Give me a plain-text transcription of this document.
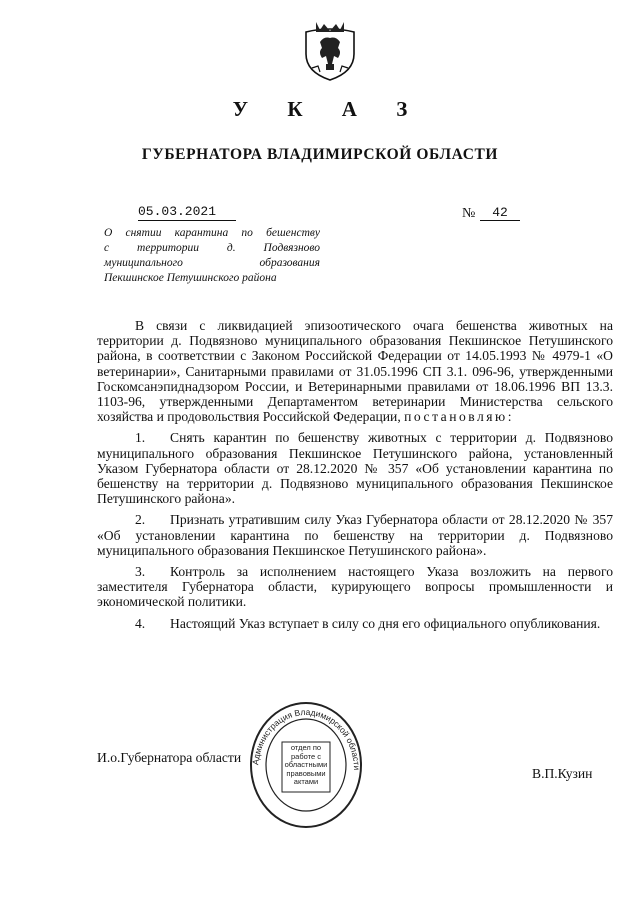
У К А З
ГУБЕРНАТОРА ВЛАДИМИРСКОЙ ОБЛАСТИ
05.03.2021	№	42
О снятии карантина по бешенству
с территории д. Подвязново
муниципального образования
Пекшинское Петушинского района

В связи с ликвидацией эпизоотического очага бешенства животных на территории д. Подвязново муниципального образования Пекшинское Петушинского района, в соответствии с Законом Российской Федерации от 14.05.1993 № 4979-1 «О ветеринарии», Санитарными правилами от 31.05.1996 СП 3.1. 096-96, утвержденными Госкомсанэпиднадзором России, и Ветеринарными правилами от 18.06.1996 ВП 13.3. 1103-96, утвержденными Департаментом ветеринарии Министерства сельского хозяйства и продовольствия Российской Федерации, постановляю:

1. Снять карантин по бешенству животных с территории д. Подвязново муниципального образования Пекшинское Петушинского района, установленный Указом Губернатора области от 28.12.2020 № 357 «Об установлении карантина по бешенству на территории д. Подвязново муниципального образования Пекшинское Петушинского района».

2. Признать утратившим силу Указ Губернатора области от 28.12.2020 № 357 «Об установлении карантина по бешенству на территории д. Подвязново муниципального образования Пекшинское Петушинского района».

3. Контроль за исполнением настоящего Указа возложить на первого заместителя Губернатора области, курирующего вопросы промышленности и экономической политики.

4. Настоящий Указ вступает в силу со дня его официального опубликования.

И.о.Губернатора области
В.П.Кузин
Администрация Владимирской области
отдел по работе с областными правовыми актами
